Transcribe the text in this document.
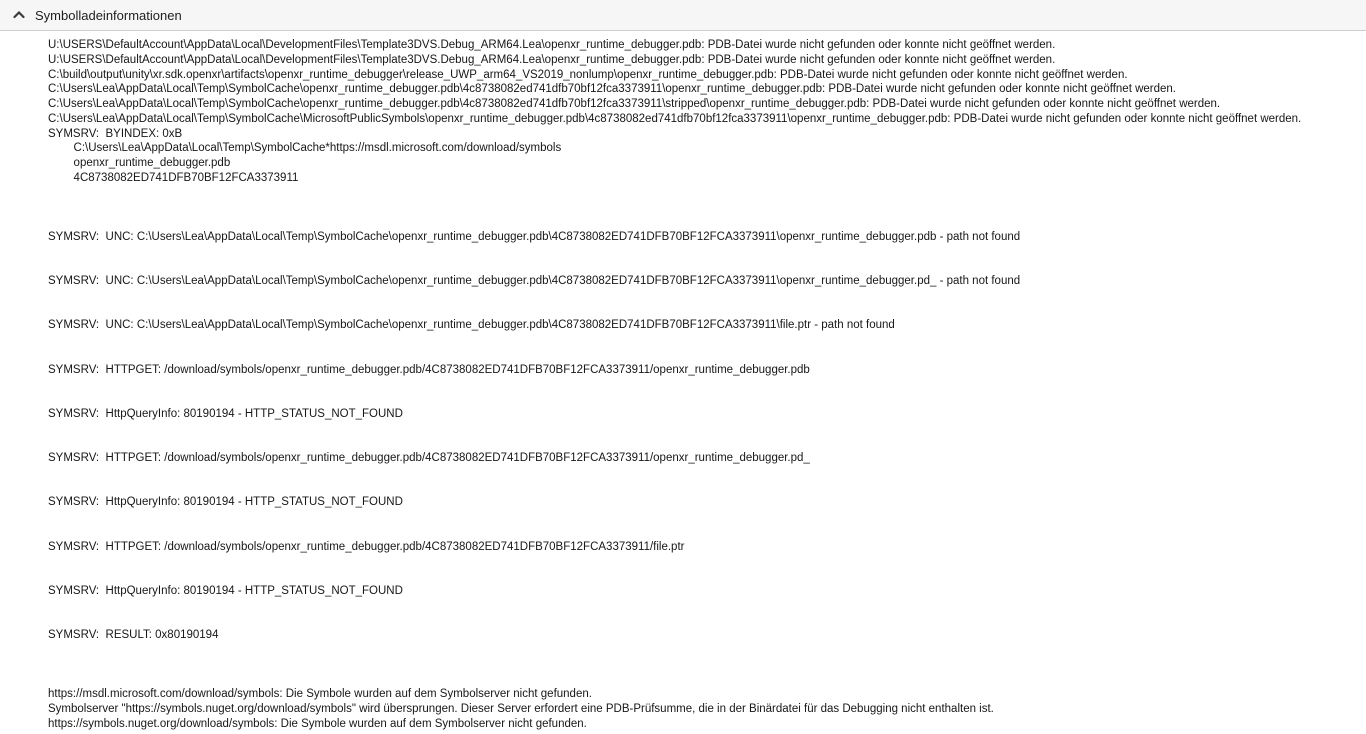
Symbolladeinformationen
U:\USERS\DefaultAccount\AppData\Local\DevelopmentFiles\Template3DVS.Debug_ARM64.Lea\openxr_runtime_debugger.pdb: PDB-Datei wurde nicht gefunden oder konnte nicht geöffnet werden.
U:\USERS\DefaultAccount\AppData\Local\DevelopmentFiles\Template3DVS.Debug_ARM64.Lea\openxr_runtime_debugger.pdb: PDB-Datei wurde nicht gefunden oder konnte nicht geöffnet werden.
C:\build\output\unity\xr.sdk.openxr\artifacts\openxr_runtime_debugger\release_UWP_arm64_VS2019_nonlump\openxr_runtime_debugger.pdb: PDB-Datei wurde nicht gefunden oder konnte nicht geöffnet werden.
C:\Users\Lea\AppData\Local\Temp\SymbolCache\openxr_runtime_debugger.pdb\4c8738082ed741dfb70bf12fca3373911\openxr_runtime_debugger.pdb: PDB-Datei wurde nicht gefunden oder konnte nicht geöffnet werden.
C:\Users\Lea\AppData\Local\Temp\SymbolCache\openxr_runtime_debugger.pdb\4c8738082ed741dfb70bf12fca3373911\stripped\openxr_runtime_debugger.pdb: PDB-Datei wurde nicht gefunden oder konnte nicht geöffnet werden.
C:\Users\Lea\AppData\Local\Temp\SymbolCache\MicrosoftPublicSymbols\openxr_runtime_debugger.pdb\4c8738082ed741dfb70bf12fca3373911\openxr_runtime_debugger.pdb: PDB-Datei wurde nicht gefunden oder konnte nicht geöffnet werden.
SYMSRV:  BYINDEX: 0xB
C:\Users\Lea\AppData\Local\Temp\SymbolCache*https://msdl.microsoft.com/download/symbols
openxr_runtime_debugger.pdb
4C8738082ED741DFB70BF12FCA3373911
SYMSRV:  UNC: C:\Users\Lea\AppData\Local\Temp\SymbolCache\openxr_runtime_debugger.pdb\4C8738082ED741DFB70BF12FCA3373911\openxr_runtime_debugger.pdb - path not found
SYMSRV:  UNC: C:\Users\Lea\AppData\Local\Temp\SymbolCache\openxr_runtime_debugger.pdb\4C8738082ED741DFB70BF12FCA3373911\openxr_runtime_debugger.pd_ - path not found
SYMSRV:  UNC: C:\Users\Lea\AppData\Local\Temp\SymbolCache\openxr_runtime_debugger.pdb\4C8738082ED741DFB70BF12FCA3373911\file.ptr - path not found
SYMSRV:  HTTPGET: /download/symbols/openxr_runtime_debugger.pdb/4C8738082ED741DFB70BF12FCA3373911/openxr_runtime_debugger.pdb
SYMSRV:  HttpQueryInfo: 80190194 - HTTP_STATUS_NOT_FOUND
SYMSRV:  HTTPGET: /download/symbols/openxr_runtime_debugger.pdb/4C8738082ED741DFB70BF12FCA3373911/openxr_runtime_debugger.pd_
SYMSRV:  HttpQueryInfo: 80190194 - HTTP_STATUS_NOT_FOUND
SYMSRV:  HTTPGET: /download/symbols/openxr_runtime_debugger.pdb/4C8738082ED741DFB70BF12FCA3373911/file.ptr
SYMSRV:  HttpQueryInfo: 80190194 - HTTP_STATUS_NOT_FOUND
SYMSRV:  RESULT: 0x80190194
https://msdl.microsoft.com/download/symbols: Die Symbole wurden auf dem Symbolserver nicht gefunden.
Symbolserver "https://symbols.nuget.org/download/symbols" wird übersprungen. Dieser Server erfordert eine PDB-Prüfsumme, die in der Binärdatei für das Debugging nicht enthalten ist.
https://symbols.nuget.org/download/symbols: Die Symbole wurden auf dem Symbolserver nicht gefunden.
